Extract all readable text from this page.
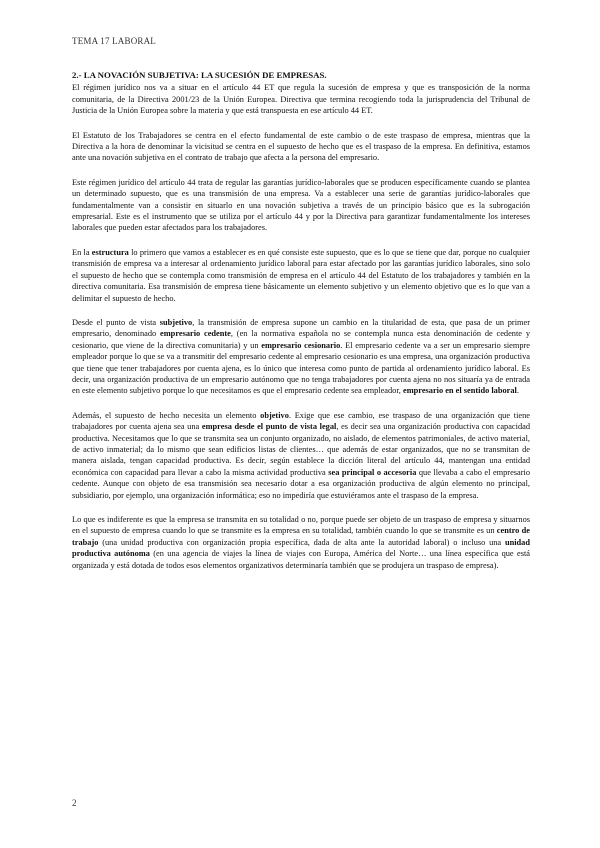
TEMA 17 LABORAL
2.- LA NOVACIÓN SUBJETIVA: LA SUCESIÓN DE EMPRESAS.

El régimen jurídico nos va a situar en el artículo 44 ET que regula la sucesión de empresa y que es transposición de la norma comunitaria, de la Directiva 2001/23 de la Unión Europea. Directiva que termina recogiendo toda la jurisprudencia del Tribunal de Justicia de la Unión Europea sobre la materia y que está transpuesta en ese artículo 44 ET.

El Estatuto de los Trabajadores se centra en el efecto fundamental de este cambio o de este traspaso de empresa, mientras que la Directiva a la hora de denominar la vicisitud se centra en el supuesto de hecho que es el traspaso de la empresa. En definitiva, estamos ante una novación subjetiva en el contrato de trabajo que afecta a la persona del empresario.

Este régimen jurídico del artículo 44 trata de regular las garantías jurídico-laborales que se producen específicamente cuando se plantea un determinado supuesto, que es una transmisión de una empresa. Va a establecer una serie de garantías jurídico-laborales que fundamentalmente van a consistir en situarlo en una novación subjetiva a través de un principio básico que es la subrogación empresarial. Este es el instrumento que se utiliza por el artículo 44 y por la Directiva para garantizar fundamentalmente los intereses laborales que pueden estar afectados para los trabajadores.

En la estructura lo primero que vamos a establecer es en qué consiste este supuesto, que es lo que se tiene que dar, porque no cualquier transmisión de empresa va a interesar al ordenamiento jurídico laboral para estar afectado por las garantías jurídico laborales, sino solo el supuesto de hecho que se contempla como transmisión de empresa en el artículo 44 del Estatuto de los trabajadores y también en la directiva comunitaria. Esa transmisión de empresa tiene básicamente un elemento subjetivo y un elemento objetivo que es lo que van a delimitar el supuesto de hecho.

Desde el punto de vista subjetivo, la transmisión de empresa supone un cambio en la titularidad de esta, que pasa de un primer empresario, denominado empresario cedente, (en la normativa española no se contempla nunca esta denominación de cedente y cesionario, que viene de la directiva comunitaria) y un empresario cesionario. El empresario cedente va a ser un empresario siempre empleador porque lo que se va a transmitir del empresario cedente al empresario cesionario es una empresa, una organización productiva que tiene que tener trabajadores por cuenta ajena, es lo único que interesa como punto de partida al ordenamiento jurídico laboral. Es decir, una organización productiva de un empresario autónomo que no tenga trabajadores por cuenta ajena no nos situaría ya de entrada en este elemento subjetivo porque lo que necesitamos es que el empresario cedente sea empleador, empresario en el sentido laboral.

Además, el supuesto de hecho necesita un elemento objetivo. Exige que ese cambio, ese traspaso de una organización que tiene trabajadores por cuenta ajena sea una empresa desde el punto de vista legal, es decir sea una organización productiva con capacidad productiva. Necesitamos que lo que se transmita sea un conjunto organizado, no aislado, de elementos patrimoniales, de activo material, de activo inmaterial; da lo mismo que sean edificios listas de clientes… que además de estar organizados, que no se transmitan de manera aislada, tengan capacidad productiva. Es decir, según establece la dicción literal del artículo 44, mantengan una entidad económica con capacidad para llevar a cabo la misma actividad productiva sea principal o accesoria que llevaba a cabo el empresario cedente. Aunque con objeto de esa transmisión sea necesario dotar a esa organización productiva de algún elemento no principal, subsidiario, por ejemplo, una organización informática; eso no impediría que estuviéramos ante el traspaso de la empresa.

Lo que es indiferente es que la empresa se transmita en su totalidad o no, porque puede ser objeto de un traspaso de empresa y situarnos en el supuesto de empresa cuando lo que se transmite es la empresa en su totalidad, también cuando lo que se transmite es un centro de trabajo (una unidad productiva con organización propia específica, dada de alta ante la autoridad laboral) o incluso una unidad productiva autónoma (en una agencia de viajes la línea de viajes con Europa, América del Norte… una línea específica que está organizada y está dotada de todos esos elementos organizativos determinaría también que se produjera un traspaso de empresa).

2
